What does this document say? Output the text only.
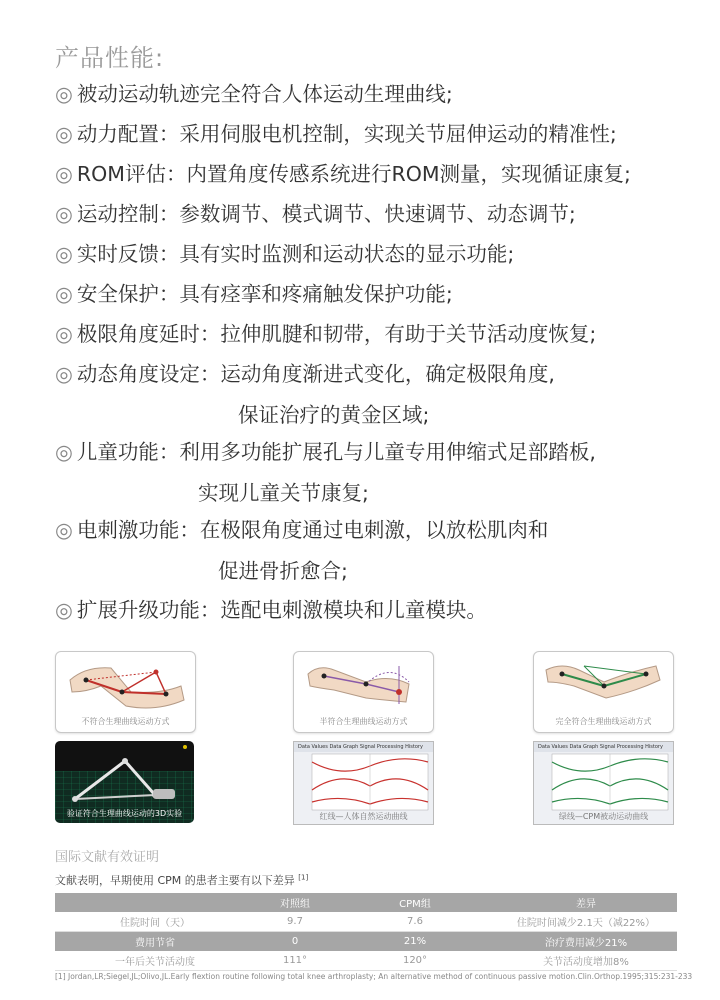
产品性能:
◎ 被动运动轨迹完全符合人体运动生理曲线;
◎ 动力配置：采用伺服电机控制，实现关节屈伸运动的精准性;
◎ ROM评估：内置角度传感系统进行ROM测量，实现循证康复;
◎ 运动控制：参数调节、模式调节、快速调节、动态调节;
◎ 实时反馈：具有实时监测和运动状态的显示功能;
◎ 安全保护：具有痉挛和疼痛触发保护功能;
◎ 极限角度延时：拉伸肌腱和韧带，有助于关节活动度恢复;
◎ 动态角度设定：运动角度渐进式变化，确定极限角度,
保证治疗的黄金区域;
◎ 儿童功能：利用多功能扩展孔与儿童专用伸缩式足部踏板,
实现儿童关节康复;
◎ 电刺激功能：在极限角度通过电刺激，以放松肌肉和
促进骨折愈合;
◎ 扩展升级功能：选配电刺激模块和儿童模块。
不符合生理曲线运动方式	半符合生理曲线运动方式	完全符合生理曲线运动方式
验证符合生理曲线运动的3D实验
Data Values Data Graph Signal Processing History
红线—人体自然运动曲线
Data Values Data Graph Signal Processing History
绿线—CPM被动运动曲线
国际文献有效证明
文献表明，早期使用 CPM 的患者主要有以下差异 [1]
	对照组	CPM组	差异
住院时间（天）	9.7	7.6	住院时间减少2.1天（减22%）
费用节省	0	21%	治疗费用减少21%
一年后关节活动度	111°	120°	关节活动度增加8%
[1] Jordan,LR;Siegel,JL;Olivo,JL.Early flextion routine following total knee arthroplasty; An alternative method of continuous passive motion.Clin.Orthop.1995;315:231-233
